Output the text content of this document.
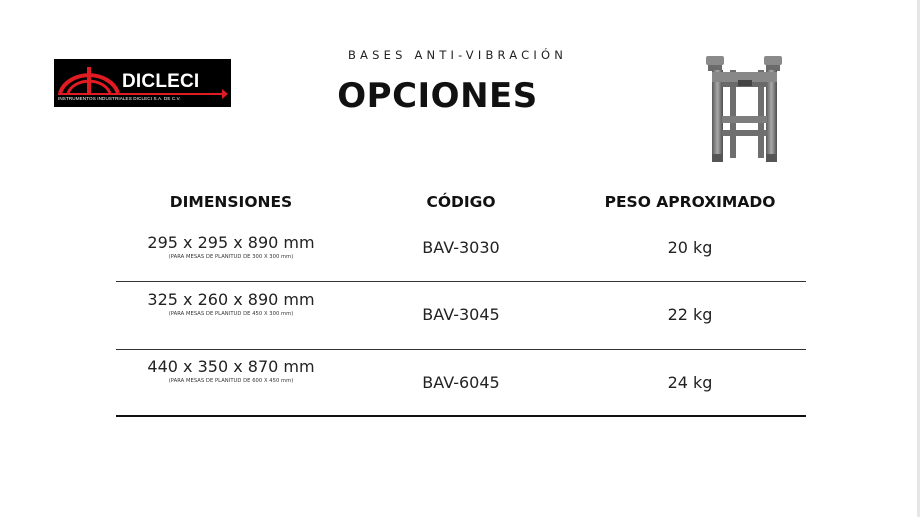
DICLECI
INSTRUMENTOS INDUSTRIALES DICLECI S.A. DE C.V.
BASES ANTI-VIBRACIÓN
OPCIONES
DIMENSIONES	CÓDIGO	PESO APROXIMADO
295 x 295 x 890 mm
(PARA MESAS DE PLANITUD DE 300 X 300 mm)	BAV-3030	20 kg
325 x 260 x 890 mm
(PARA MESAS DE PLANITUD DE 450 X 300 mm)	BAV-3045	22 kg
440 x 350 x 870 mm
(PARA MESAS DE PLANITUD DE 600 X 450 mm)	BAV-6045	24 kg
